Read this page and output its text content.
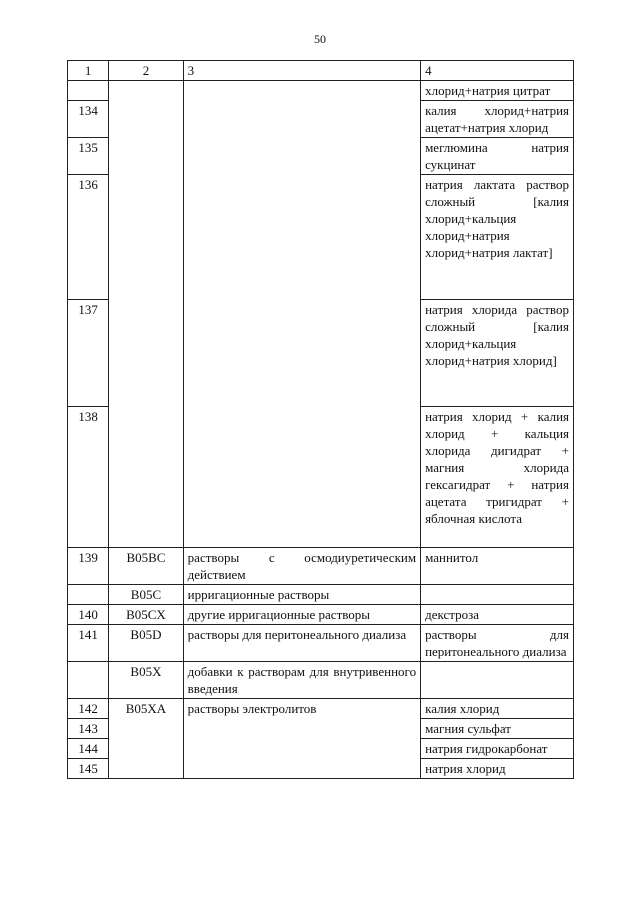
50
1	2	3	4
			хлорид+натрия цитрат
134			калия хлорид+натрия ацетат+натрия хлорид
135			меглюмина натрия сукцинат
136			натрия лактата раствор сложный [калия хлорид+кальция хлорид+натрия хлорид+натрия лактат]
137			натрия хлорида раствор сложный [калия хлорид+кальция хлорид+натрия хлорид]
138			натрия хлорид + калия хлорид + кальция хлорида дигидрат + магния хлорида гексагидрат + натрия ацетата тригидрат + яблочная кислота
139	B05BC	растворы с осмодиуретическим действием	маннитол
	B05C	ирригационные растворы	
140	B05CX	другие ирригационные растворы	декстроза
141	B05D	растворы для перитонеального диализа	растворы для перитонеального диализа
	B05X	добавки к растворам для внутривенного введения	
142	B05XA	растворы электролитов	калия хлорид
143			магния сульфат
144			натрия гидрокарбонат
145			натрия хлорид
